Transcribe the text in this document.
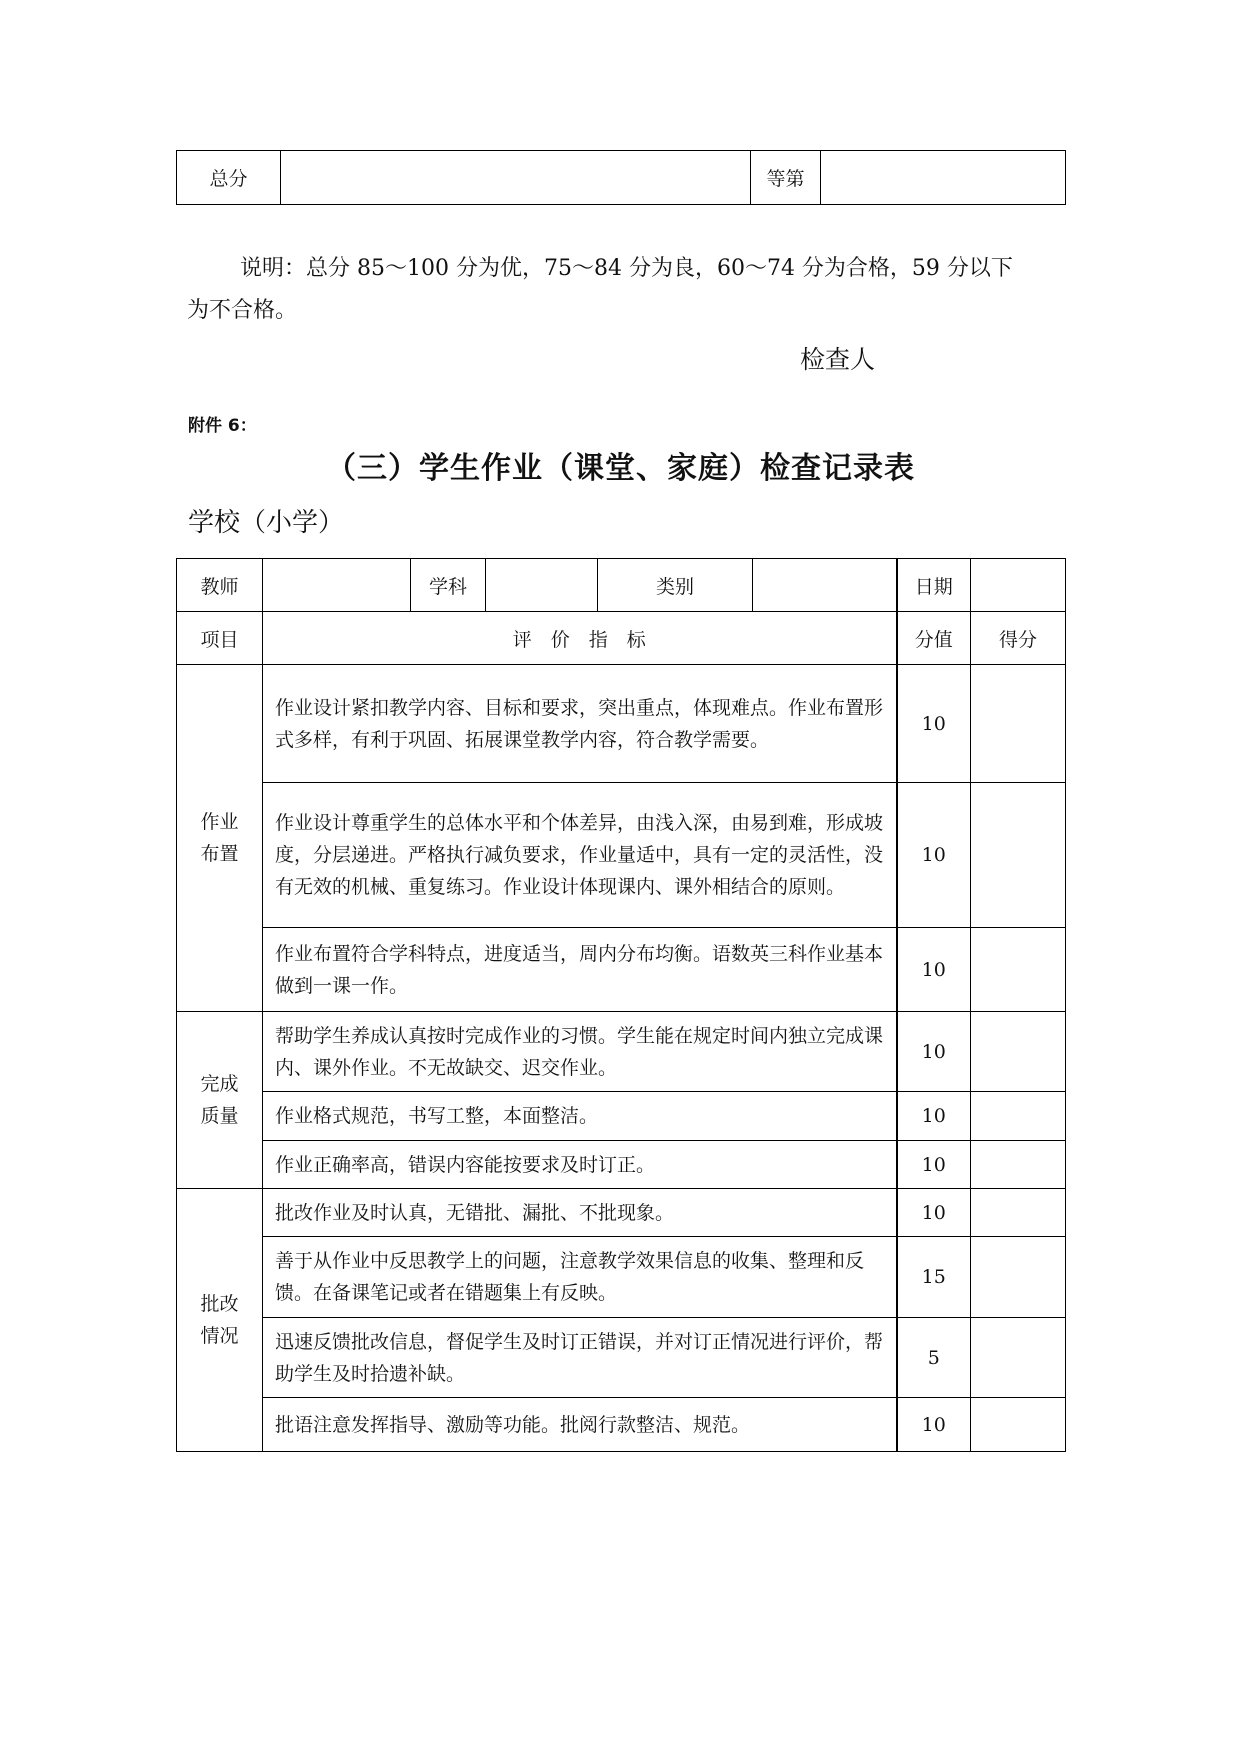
总分		等第	
说明：总分 85～100 分为优，75～84 分为良，60～74 分为合格，59 分以下
为不合格。
检查人
附件 6：
（三）学生作业（课堂、家庭）检查记录表
学校（小学）
教师		学科		类别		日期	
项目	评　价　指　标					分值	得分
作业
布置	作业设计紧扣教学内容、目标和要求，突出重点，体现难点。作业布置形式多样，有利于巩固、拓展课堂教学内容，符合教学需要。					10	
	作业设计尊重学生的总体水平和个体差异，由浅入深，由易到难，形成坡度，分层递进。严格执行减负要求，作业量适中，具有一定的灵活性，没有无效的机械、重复练习。作业设计体现课内、课外相结合的原则。					10	
	作业布置符合学科特点，进度适当，周内分布均衡。语数英三科作业基本做到一课一作。					10	
完成
质量	帮助学生养成认真按时完成作业的习惯。学生能在规定时间内独立完成课内、课外作业。不无故缺交、迟交作业。					10	
	作业格式规范，书写工整，本面整洁。					10	
	作业正确率高，错误内容能按要求及时订正。					10	
批改
情况	批改作业及时认真，无错批、漏批、不批现象。					10	
	善于从作业中反思教学上的问题，注意教学效果信息的收集、整理和反馈。在备课笔记或者在错题集上有反映。					15	
	迅速反馈批改信息，督促学生及时订正错误，并对订正情况进行评价，帮助学生及时拾遗补缺。					5	
	批语注意发挥指导、激励等功能。批阅行款整洁、规范。					10	
